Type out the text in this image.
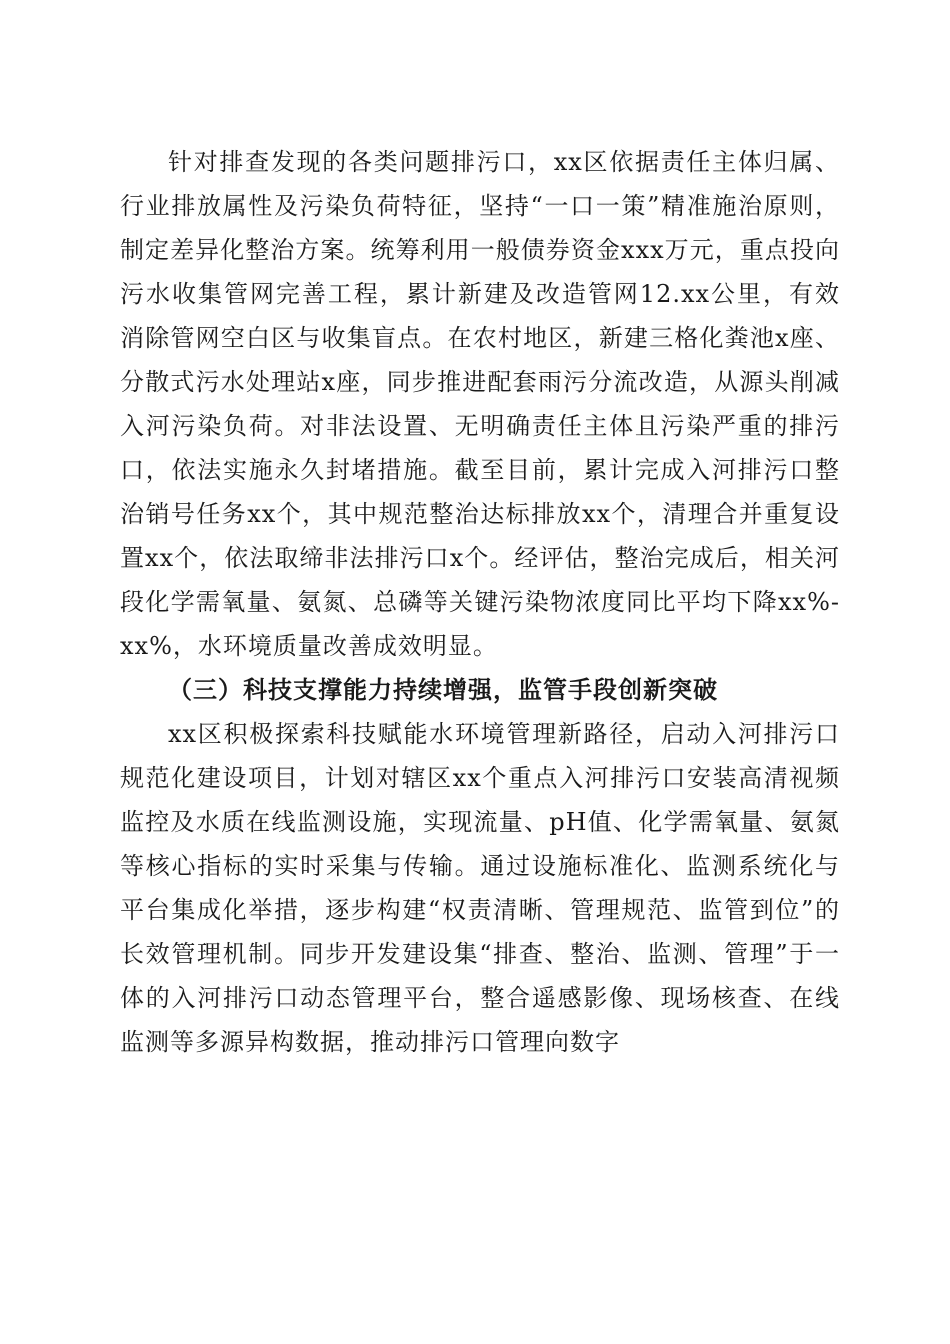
针对排查发现的各类问题排污口，xx区依据责任主体归属、行业排放属性及污染负荷特征，坚持“一口一策”精准施治原则，制定差异化整治方案。统筹利用一般债券资金xxx万元，重点投向污水收集管网完善工程，累计新建及改造管网12.xx公里，有效消除管网空白区与收集盲点。在农村地区，新建三格化粪池x座、分散式污水处理站x座，同步推进配套雨污分流改造，从源头削减入河污染负荷。对非法设置、无明确责任主体且污染严重的排污口，依法实施永久封堵措施。截至目前，累计完成入河排污口整治销号任务xx个，其中规范整治达标排放xx个，清理合并重复设置xx个，依法取缔非法排污口x个。经评估，整治完成后，相关河段化学需氧量、氨氮、总磷等关键污染物浓度同比平均下降xx%-xx%，水环境质量改善成效明显。

（三）科技支撑能力持续增强，监管手段创新突破

xx区积极探索科技赋能水环境管理新路径，启动入河排污口规范化建设项目，计划对辖区xx个重点入河排污口安装高清视频监控及水质在线监测设施，实现流量、pH值、化学需氧量、氨氮等核心指标的实时采集与传输。通过设施标准化、监测系统化与平台集成化举措，逐步构建“权责清晰、管理规范、监管到位”的长效管理机制。同步开发建设集“排查、整治、监测、管理”于一体的入河排污口动态管理平台，整合遥感影像、现场核查、在线监测等多源异构数据，推动排污口管理向数字
